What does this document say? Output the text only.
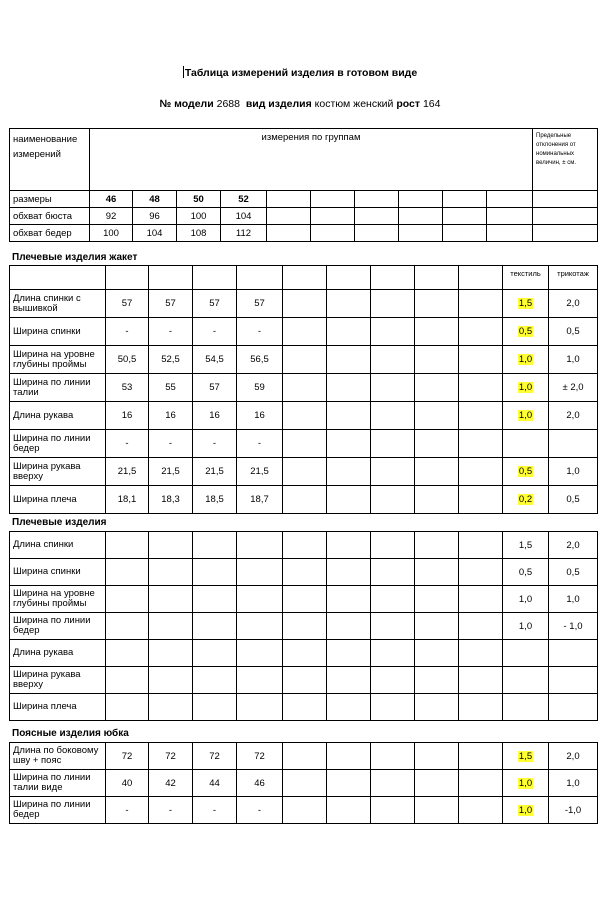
Таблица измерений изделия в готовом виде
№ модели 2688 вид изделия костюм женский рост 164
наименование измерений	измерения по группам										Предельные отклонения от номинальных величин, ± см.
размеры	46	48	50	52							
обхват бюста	92	96	100	104							
обхват бедер	100	104	108	112							
Плечевые изделия жакет
										текстиль	трикотаж
Длина спинки с вышивкой	57	57	57	57						1,5	2,0
Ширина спинки	-	-	-	-						0,5	0,5
Ширина на уровне глубины проймы	50,5	52,5	54,5	56,5						1,0	1,0
Ширина по линии талии	53	55	57	59						1,0	± 2,0
Длина рукава	16	16	16	16						1,0	2,0
Ширина по линии бедер	-	-	-	-							
Ширина рукава вверху	21,5	21,5	21,5	21,5						0,5	1,0
Ширина плеча	18,1	18,3	18,5	18,7						0,2	0,5
Плечевые изделия
Длина спинки										1,5	2,0
Ширина спинки										0,5	0,5
Ширина на уровне глубины проймы										1,0	1,0
Ширина по линии бедер										1,0	- 1,0
Длина рукава											
Ширина рукава вверху											
Ширина плеча											
Поясные изделия юбка
Длина по боковому шву + пояс	72	72	72	72						1,5	2,0
Ширина по линии талии виде	40	42	44	46						1,0	1,0
Ширина по линии бедер	-	-	-	-						1,0	-1,0
